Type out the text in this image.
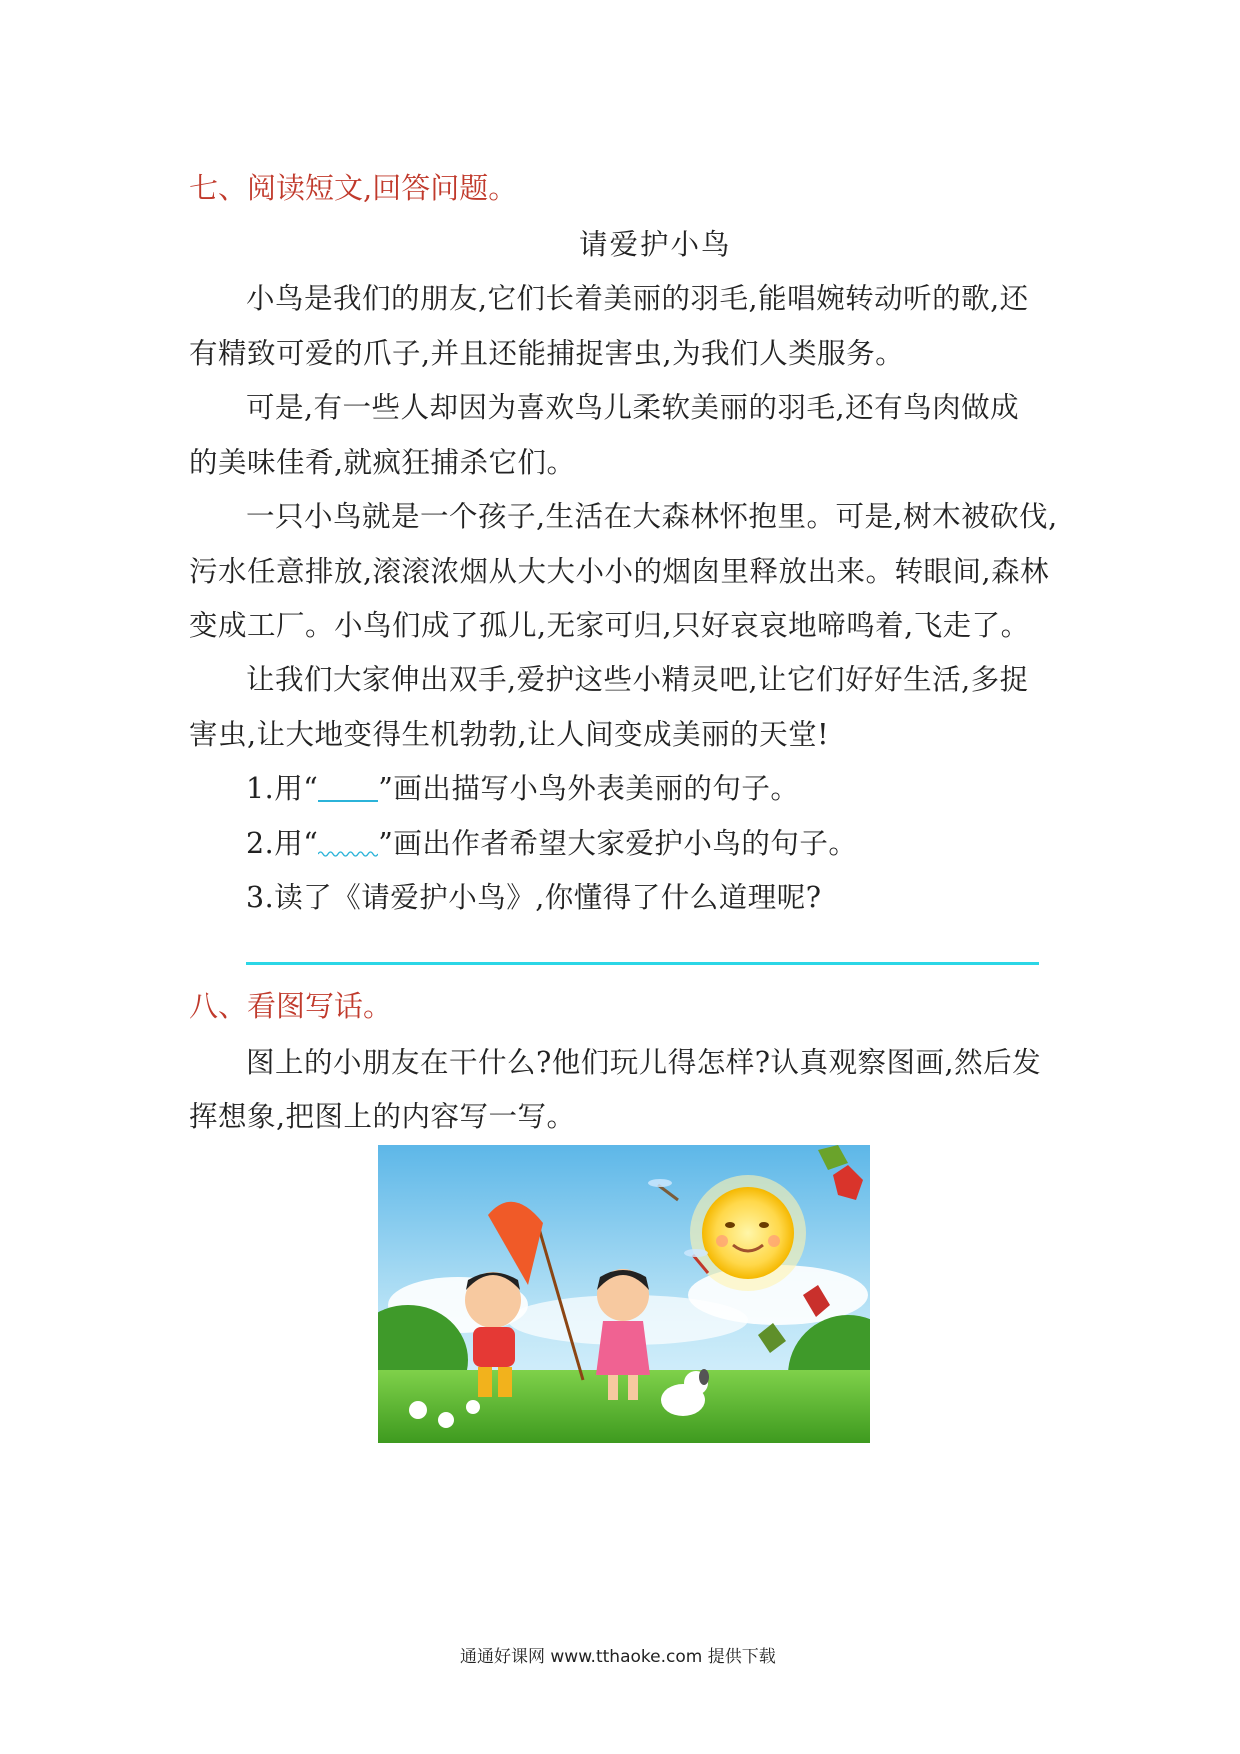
七、阅读短文,回答问题。
请爱护小鸟
小鸟是我们的朋友,它们长着美丽的羽毛,能唱婉转动听的歌,还
有精致可爱的爪子,并且还能捕捉害虫,为我们人类服务。
可是,有一些人却因为喜欢鸟儿柔软美丽的羽毛,还有鸟肉做成
的美味佳肴,就疯狂捕杀它们。
一只小鸟就是一个孩子,生活在大森林怀抱里。可是,树木被砍伐,
污水任意排放,滚滚浓烟从大大小小的烟囱里释放出来。转眼间,森林
变成工厂。小鸟们成了孤儿,无家可归,只好哀哀地啼鸣着,飞走了。
让我们大家伸出双手,爱护这些小精灵吧,让它们好好生活,多捉
害虫,让大地变得生机勃勃,让人间变成美丽的天堂!
1.用“ ”画出描写小鸟外表美丽的句子。
2.用“ ”画出作者希望大家爱护小鸟的句子。
3.读了《请爱护小鸟》,你懂得了什么道理呢?
八、看图写话。
图上的小朋友在干什么?他们玩儿得怎样?认真观察图画,然后发
挥想象,把图上的内容写一写。
通通好课网 www.tthaoke.com 提供下载
